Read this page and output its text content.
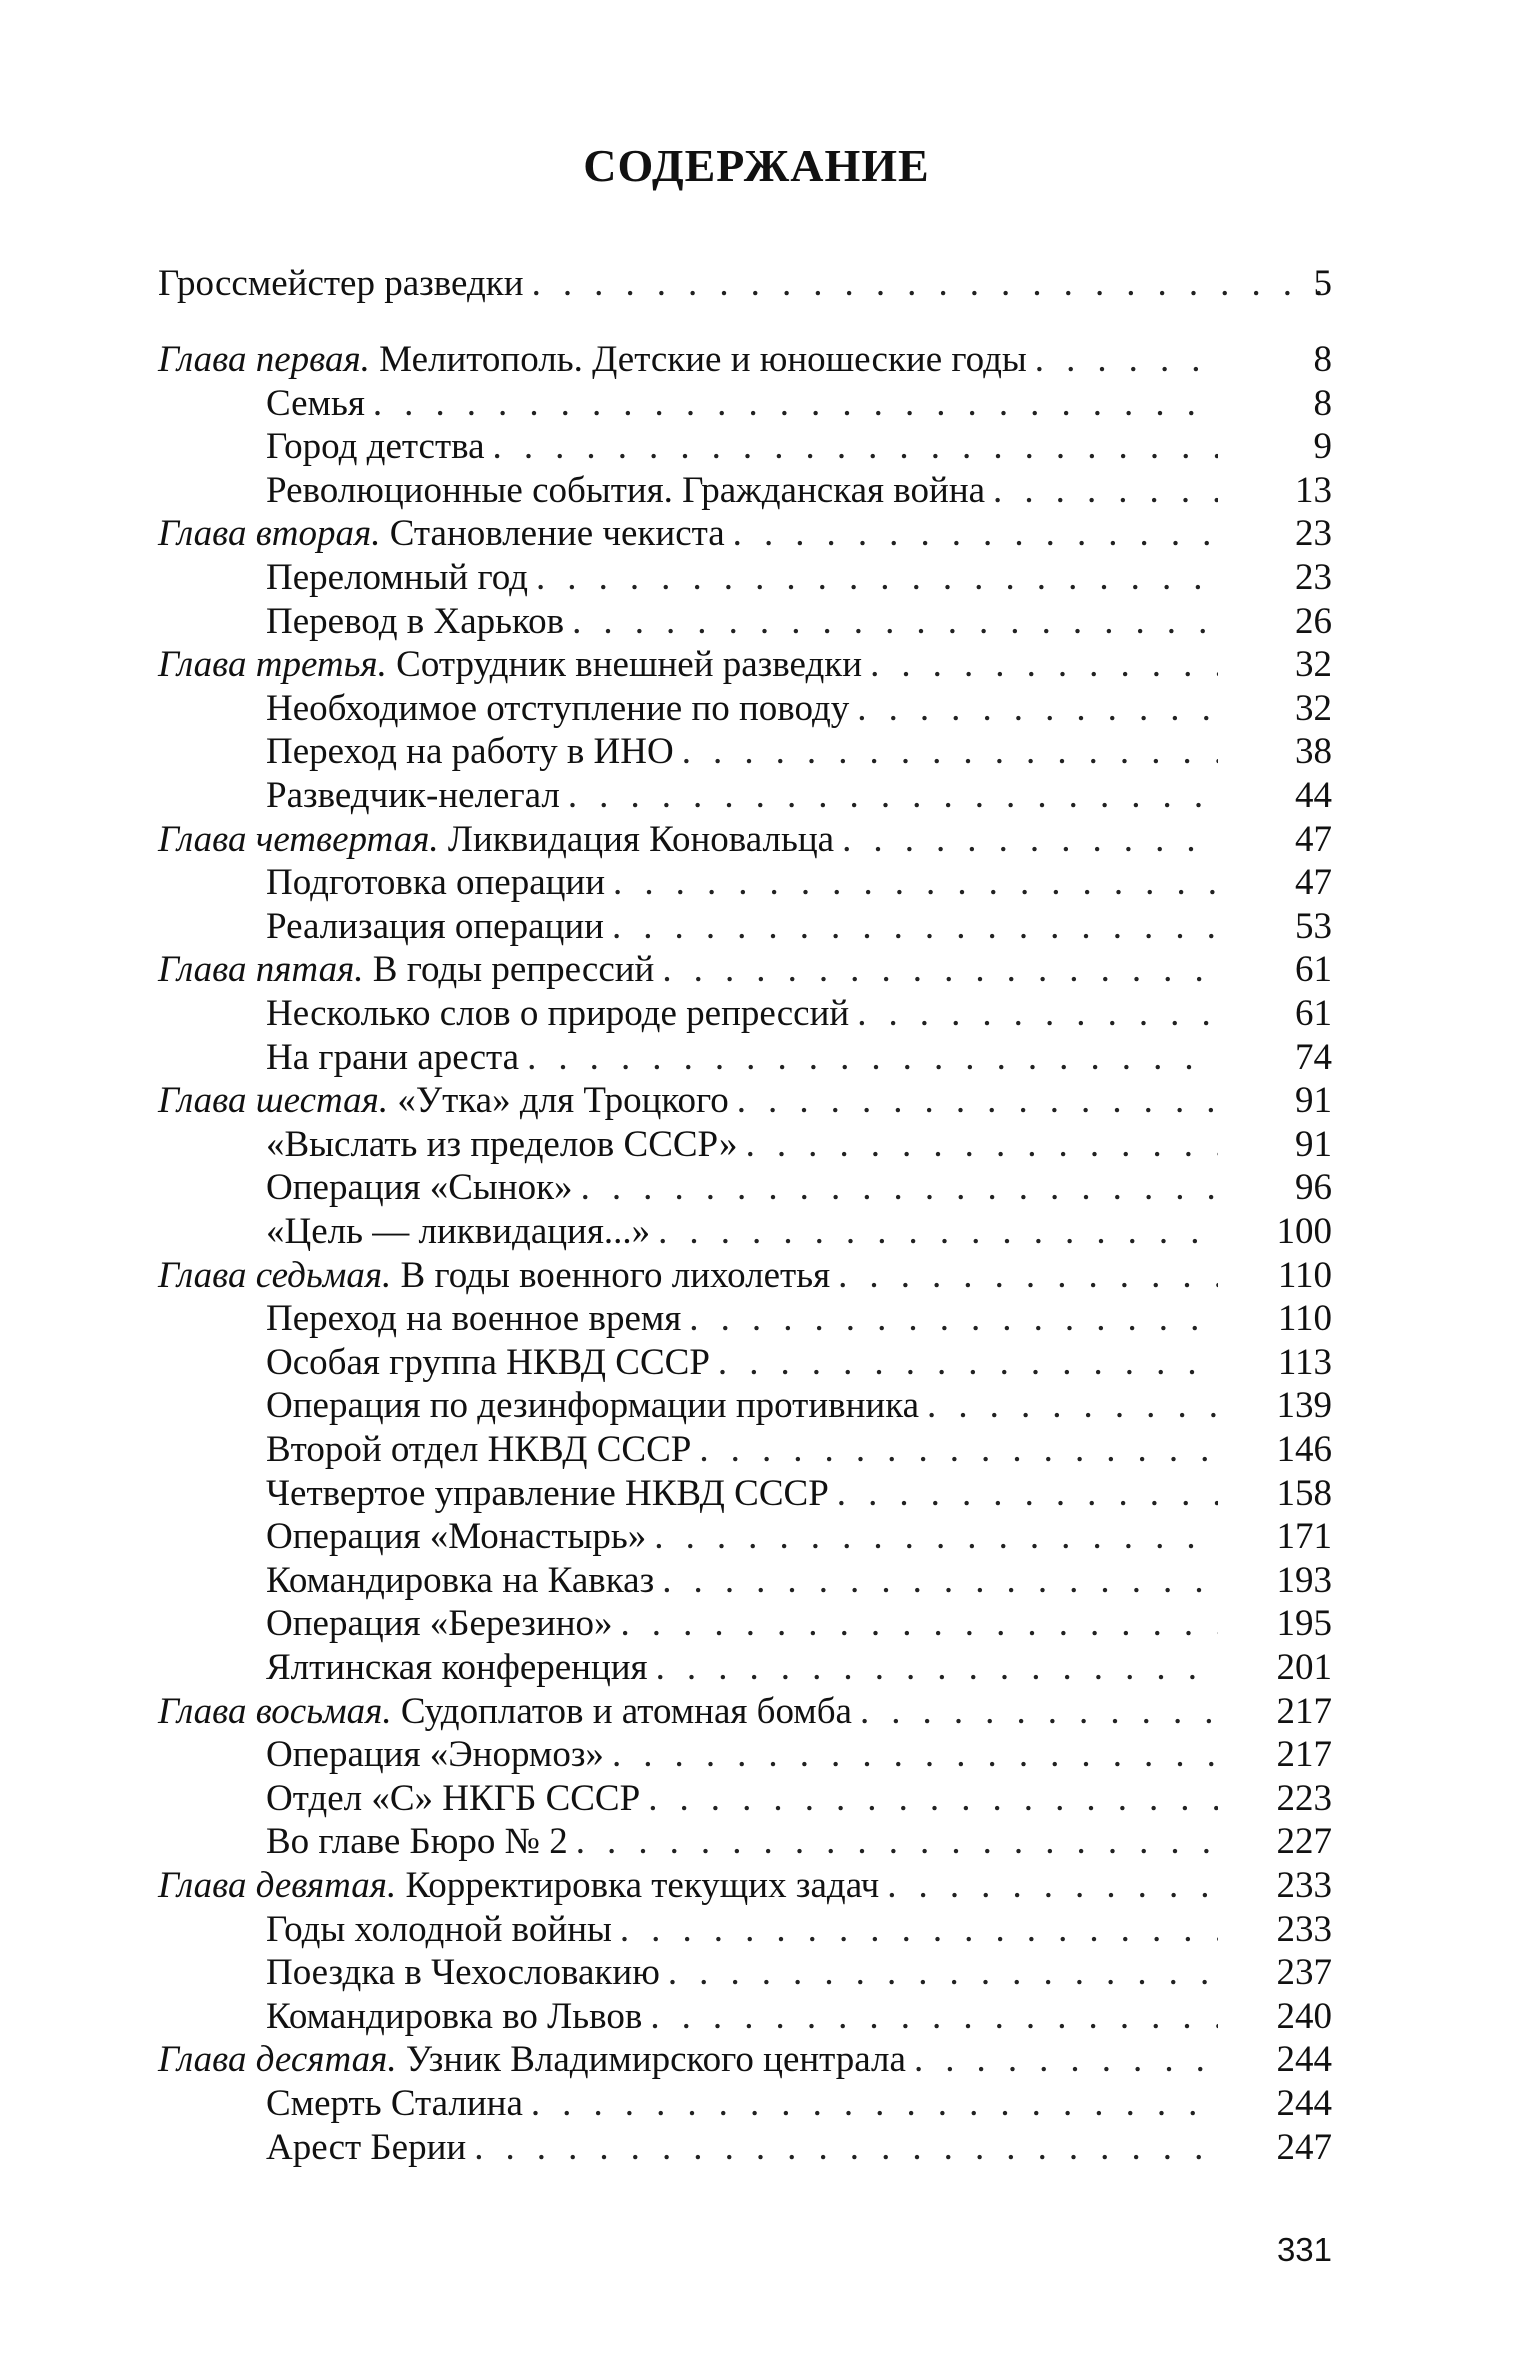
СОДЕРЖАНИЕ
Гроссмейстер разведки . . .	5
Глава первая. Мелитополь. Детские и юношеские годы . . .	8
Семья . . .	8
Город детства . . .	9
Революционные события. Гражданская война . . .	13
Глава вторая. Становление чекиста . . .	23
Переломный год . . .	23
Перевод в Харьков . . .	26
Глава третья. Сотрудник внешней разведки . . .	32
Необходимое отступление по поводу . . .	32
Переход на работу в ИНО . . .	38
Разведчик-нелегал . . .	44
Глава четвертая. Ликвидация Коновальца . . .	47
Подготовка операции . . .	47
Реализация операции . . .	53
Глава пятая. В годы репрессий . . .	61
Несколько слов о природе репрессий . . .	61
На грани ареста . . .	74
Глава шестая. «Утка» для Троцкого . . .	91
«Выслать из пределов СССР» . . .	91
Операция «Сынок» . . .	96
«Цель — ликвидация...» . . .	100
Глава седьмая. В годы военного лихолетья . . .	110
Переход на военное время . . .	110
Особая группа НКВД СССР . . .	113
Операция по дезинформации противника . . .	139
Второй отдел НКВД СССР . . .	146
Четвертое управление НКВД СССР . . .	158
Операция «Монастырь» . . .	171
Командировка на Кавказ . . .	193
Операция «Березино» . . .	195
Ялтинская конференция . . .	201
Глава восьмая. Судоплатов и атомная бомба . . .	217
Операция «Энормоз» . . .	217
Отдел «С» НКГБ СССР . . .	223
Во главе Бюро № 2 . . .	227
Глава девятая. Корректировка текущих задач . . .	233
Годы холодной войны . . .	233
Поездка в Чехословакию . . .	237
Командировка во Львов . . .	240
Глава десятая. Узник Владимирского централа . . .	244
Смерть Сталина . . .	244
Арест Берии . . .	247
331
